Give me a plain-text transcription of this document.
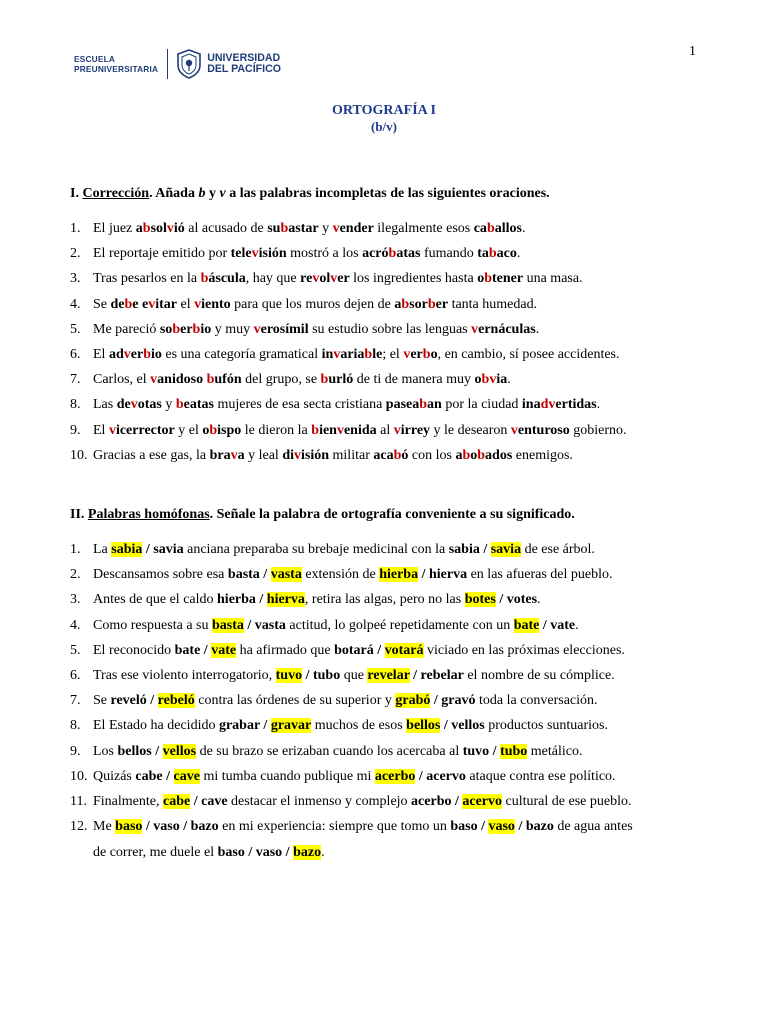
1
ESCUELA
PREUNIVERSITARIA
UNIVERSIDAD
DEL PACÍFICO
ORTOGRAFÍA I
(b/v)
I. Corrección. Añada b y v a las palabras incompletas de las siguientes oraciones.
1. El juez absolvió al acusado de subastar y vender ilegalmente esos caballos.
2. El reportaje emitido por televisión mostró a los acróbatas fumando tabaco.
3. Tras pesarlos en la báscula, hay que revolver los ingredientes hasta obtener una masa.
4. Se debe evitar el viento para que los muros dejen de absorber tanta humedad.
5. Me pareció soberbio y muy verosímil su estudio sobre las lenguas vernáculas.
6. El adverbio es una categoría gramatical invariable; el verbo, en cambio, sí posee accidentes.
7. Carlos, el vanidoso bufón del grupo, se burló de ti de manera muy obvia.
8. Las devotas y beatas mujeres de esa secta cristiana paseaban por la ciudad inadvertidas.
9. El vicerrector y el obispo le dieron la bienvenida al virrey y le desearon venturoso gobierno.
10. Gracias a ese gas, la brava y leal división militar acabó con los abobados enemigos.
II. Palabras homófonas. Señale la palabra de ortografía conveniente a su significado.
1. La sabia / savia anciana preparaba su brebaje medicinal con la sabia / savia de ese árbol.
2. Descansamos sobre esa basta / vasta extensión de hierba / hierva en las afueras del pueblo.
3. Antes de que el caldo hierba / hierva, retira las algas, pero no las botes / votes.
4. Como respuesta a su basta / vasta actitud, lo golpeé repetidamente con un bate / vate.
5. El reconocido bate / vate ha afirmado que botará / votará viciado en las próximas elecciones.
6. Tras ese violento interrogatorio, tuvo / tubo que revelar / rebelar el nombre de su cómplice.
7. Se reveló / rebeló contra las órdenes de su superior y grabó / gravó toda la conversación.
8. El Estado ha decidido grabar / gravar muchos de esos bellos / vellos productos suntuarios.
9. Los bellos / vellos de su brazo se erizaban cuando los acercaba al tuvo / tubo metálico.
10. Quizás cabe / cave mi tumba cuando publique mi acerbo / acervo ataque contra ese político.
11. Finalmente, cabe / cave destacar el inmenso y complejo acerbo / acervo cultural de ese pueblo.
12. Me baso / vaso / bazo en mi experiencia: siempre que tomo un baso / vaso / bazo de agua antes
de correr, me duele el baso / vaso / bazo.
